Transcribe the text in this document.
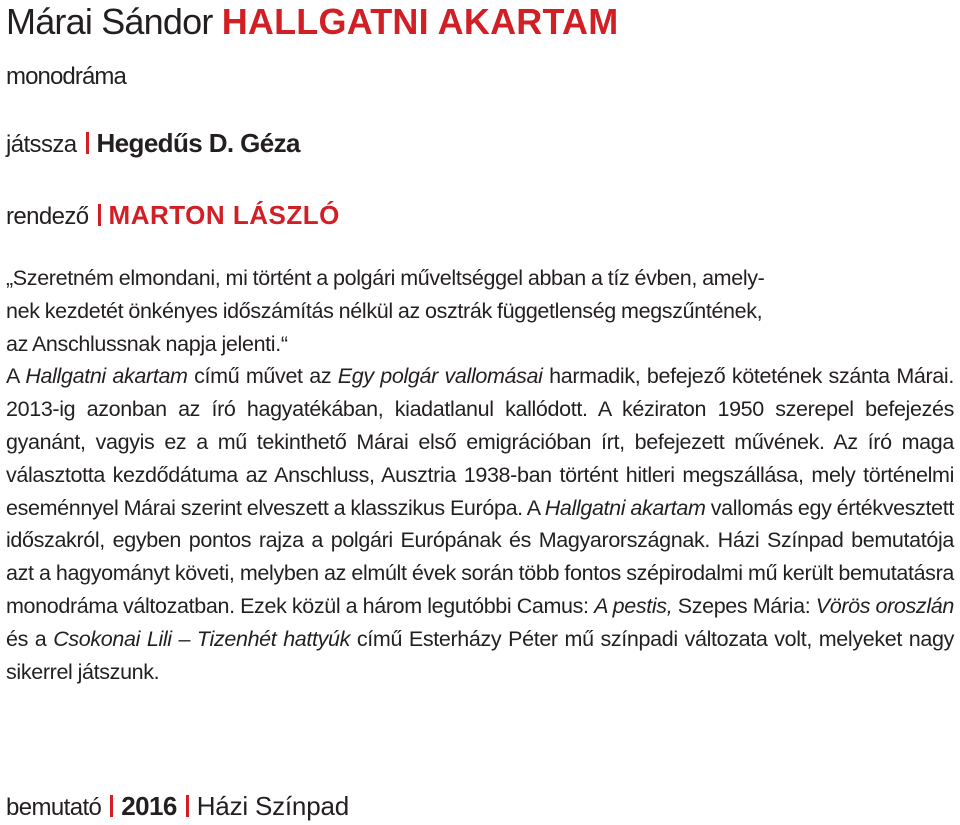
Márai Sándor HALLGATNI AKARTAM
monodráma
játssza Hegedűs D. Géza
rendező MARTON LÁSZLÓ

„Szeretném elmondani, mi történt a polgári műveltséggel abban a tíz évben, amely-
nek kezdetét önkényes időszámítás nélkül az osztrák függetlenség megszűntének,
az Anschlussnak napja jelenti.“

A Hallgatni akartam című művet az Egy polgár vallomásai harmadik, befejező kötetének szánta Márai. 2013-ig azonban az író hagyatékában, kiadatlanul kallódott. A kéziraton 1950 szerepel befejezés gyanánt, vagyis ez a mű tekinthető Márai első emigrációban írt, befejezett művének. Az író maga választotta kezdődátuma az Anschluss, Ausztria 1938-ban történt hitleri megszállása, mely történelmi eseménnyel Márai szerint elveszett a klasszikus Európa. A Hallgatni akartam vallomás egy értékvesztett időszakról, egyben pontos rajza a polgári Európának és Magyarországnak. Házi Színpad bemutatója azt a hagyományt követi, melyben az elmúlt évek során több fontos szépirodalmi mű került bemutatásra monodráma változatban. Ezek közül a három legutóbbi Camus: A pestis, Szepes Mária: Vörös oroszlán és a Csokonai Lili – Tizenhét hattyúk című Esterházy Péter mű színpadi változata volt, melyeket nagy sikerrel játszunk.

bemutató 2016 Házi Színpad
